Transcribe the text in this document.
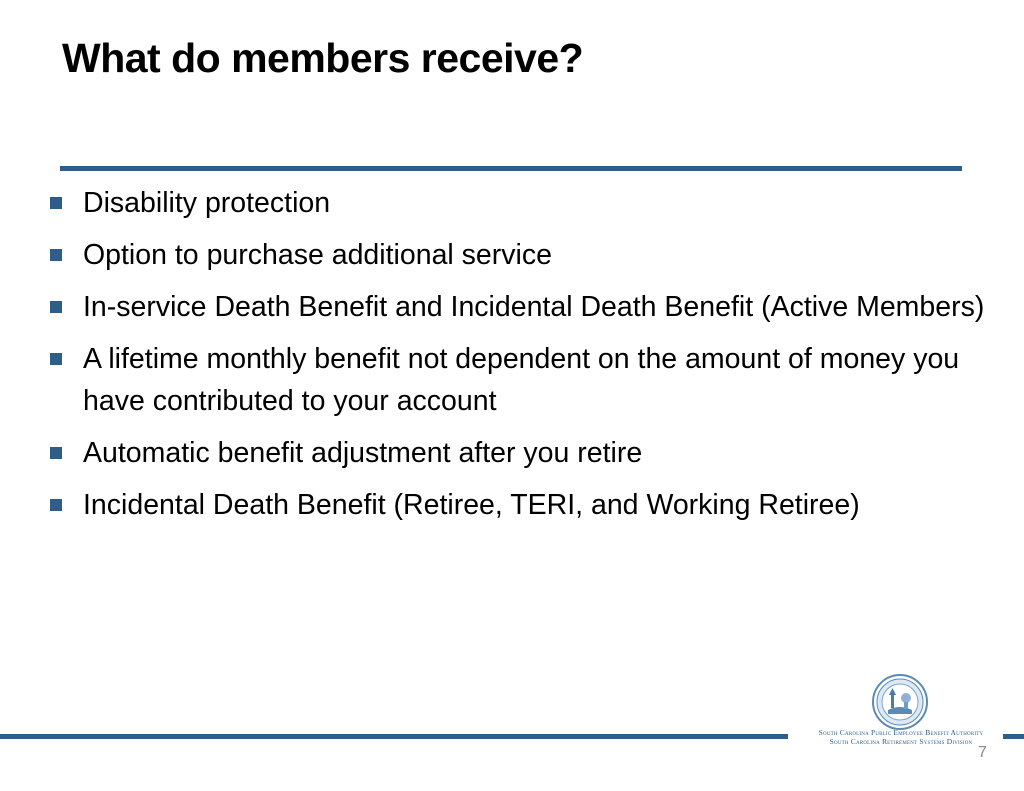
What do members receive?
Disability protection
Option to purchase additional service
In-service Death Benefit and Incidental Death Benefit (Active Members)
A lifetime monthly benefit not dependent on the amount of money you have contributed to your account
Automatic benefit adjustment after you retire
Incidental Death Benefit (Retiree, TERI, and Working Retiree)
South Carolina Public Employee Benefit Authority
South Carolina Retirement Systems Division
7
